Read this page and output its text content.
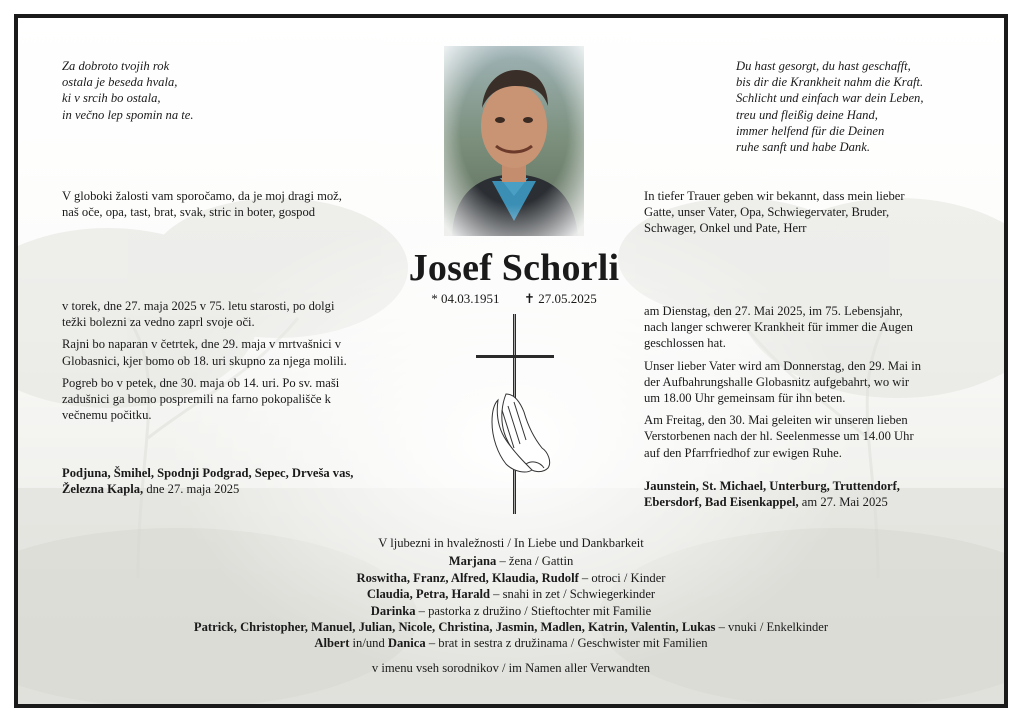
Za dobroto tvojih rok

ostala je beseda hvala,

ki v srcih bo ostala,

in večno lep spomin na te.

Du hast gesorgt, du hast geschafft,

bis dir die Krankheit nahm die Kraft.

Schlicht und einfach war dein Leben,

treu und fleißig deine Hand,

immer helfend für die Deinen

ruhe sanft und habe Dank.

V globoki žalosti vam sporočamo, da je moj dragi mož,

naš oče, opa, tast, brat, svak, stric in boter, gospod

In tiefer Trauer geben wir bekannt, dass mein lieber

Gatte, unser Vater, Opa, Schwiegervater, Bruder,

Schwager, Onkel und Pate, Herr

Josef Schorli
* 04.03.1951 ✝ 27.05.2025

v torek, dne 27. maja 2025 v 75. letu starosti, po dolgi

težki bolezni za vedno zaprl svoje oči.

Rajni bo naparan v četrtek, dne 29. maja v mrtvašnici v

Globasnici, kjer bomo ob 18. uri skupno za njega molili.

Pogreb bo v petek, dne 30. maja ob 14. uri. Po sv. maši

zadušnici ga bomo pospremili na farno pokopališče k

večnemu počitku.

Podjuna, Šmihel, Spodnji Podgrad, Sepec, Drveša vas,

Železna Kapla, dne 27. maja 2025

am Dienstag, den 27. Mai 2025, im 75. Lebensjahr,

nach langer schwerer Krankheit für immer die Augen

geschlossen hat.

Unser lieber Vater wird am Donnerstag, den 29. Mai in

der Aufbahrungshalle Globasnitz aufgebahrt, wo wir

um 18.00 Uhr gemeinsam für ihn beten.

Am Freitag, den 30. Mai geleiten wir unseren lieben

Verstorbenen nach der hl. Seelenmesse um 14.00 Uhr

auf den Pfarrfriedhof zur ewigen Ruhe.

Jaunstein, St. Michael, Unterburg, Truttendorf,

Ebersdorf, Bad Eisenkappel, am 27. Mai 2025

V ljubezni in hvaležnosti / In Liebe und Dankbarkeit

Marjana – žena / Gattin

Roswitha, Franz, Alfred, Klaudia, Rudolf – otroci / Kinder

Claudia, Petra, Harald – snahi in zet / Schwiegerkinder

Darinka – pastorka z družino / Stieftochter mit Familie

Patrick, Christopher, Manuel, Julian, Nicole, Christina, Jasmin, Madlen, Katrin, Valentin, Lukas – vnuki / Enkelkinder

Albert in/und Danica – brat in sestra z družinama / Geschwister mit Familien

v imenu vseh sorodnikov / im Namen aller Verwandten
